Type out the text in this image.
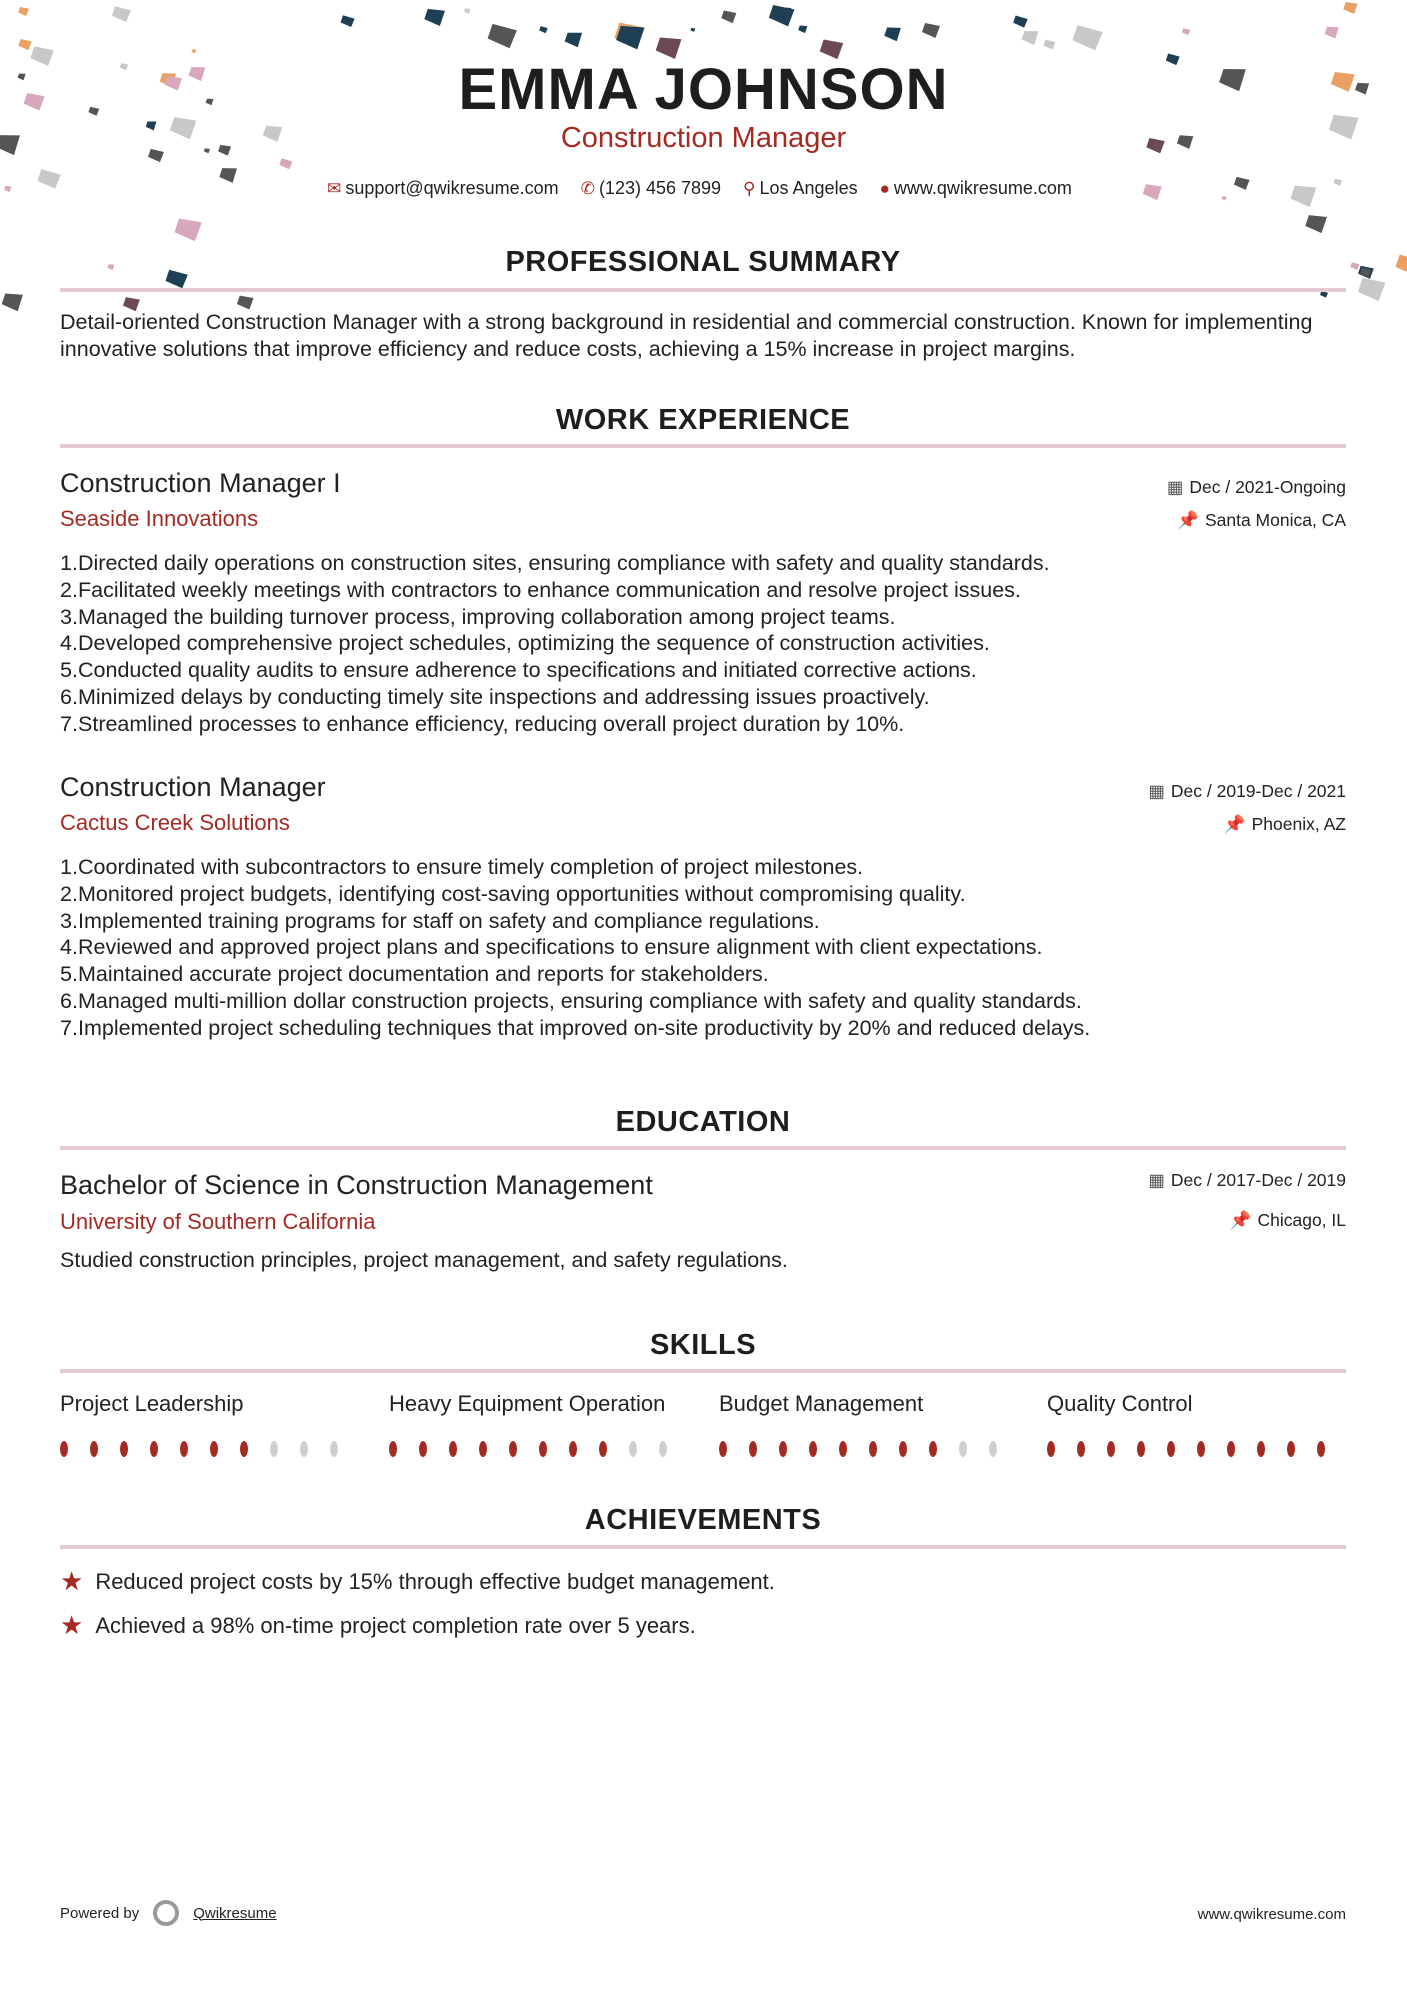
EMMA JOHNSON
Construction Manager
✉ support@qwikresume.com ✆ (123) 456 7899 ⚲ Los Angeles ● www.qwikresume.com
PROFESSIONAL SUMMARY
Detail-oriented Construction Manager with a strong background in residential and commercial construction. Known for implementing innovative solutions that improve efficiency and reduce costs, achieving a 15% increase in project margins.
WORK EXPERIENCE
Construction Manager I
Seaside Innovations
▦ Dec / 2021-Ongoing
📌 Santa Monica, CA
1.Directed daily operations on construction sites, ensuring compliance with safety and quality standards.
2.Facilitated weekly meetings with contractors to enhance communication and resolve project issues.
3.Managed the building turnover process, improving collaboration among project teams.
4.Developed comprehensive project schedules, optimizing the sequence of construction activities.
5.Conducted quality audits to ensure adherence to specifications and initiated corrective actions.
6.Minimized delays by conducting timely site inspections and addressing issues proactively.
7.Streamlined processes to enhance efficiency, reducing overall project duration by 10%.
Construction Manager
Cactus Creek Solutions
▦ Dec / 2019-Dec / 2021
📌 Phoenix, AZ
1.Coordinated with subcontractors to ensure timely completion of project milestones.
2.Monitored project budgets, identifying cost-saving opportunities without compromising quality.
3.Implemented training programs for staff on safety and compliance regulations.
4.Reviewed and approved project plans and specifications to ensure alignment with client expectations.
5.Maintained accurate project documentation and reports for stakeholders.
6.Managed multi-million dollar construction projects, ensuring compliance with safety and quality standards.
7.Implemented project scheduling techniques that improved on-site productivity by 20% and reduced delays.
EDUCATION
Bachelor of Science in Construction Management
University of Southern California
▦ Dec / 2017-Dec / 2019
📌 Chicago, IL
Studied construction principles, project management, and safety regulations.
SKILLS
Project Leadership	Heavy Equipment Operation Budget Management	Quality Control
ACHIEVEMENTS
★ Reduced project costs by 15% through effective budget management.
★ Achieved a 98% on-time project completion rate over 5 years.
Powered by	Qwikresume	www.qwikresume.com
